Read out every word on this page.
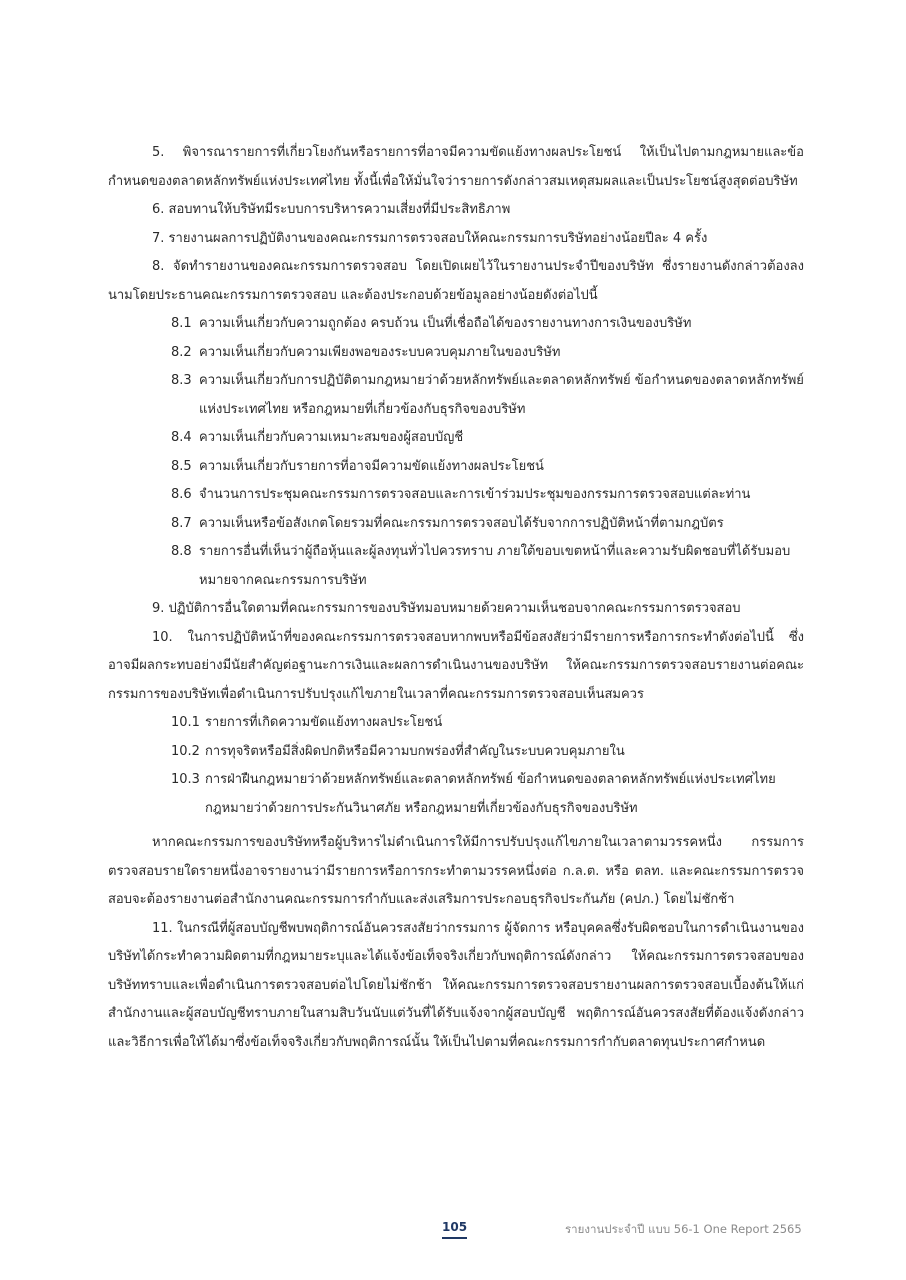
5. พิจารณารายการที่เกี่ยวโยงกันหรือรายการที่อาจมีความขัดแย้งทางผลประโยชน์ ให้เป็นไปตามกฎหมายและข้อกำหนดของตลาดหลักทรัพย์แห่งประเทศไทย ทั้งนี้เพื่อให้มั่นใจว่ารายการดังกล่าวสมเหตุสมผลและเป็นประโยชน์สูงสุดต่อบริษัท

6. สอบทานให้บริษัทมีระบบการบริหารความเสี่ยงที่มีประสิทธิภาพ

7. รายงานผลการปฏิบัติงานของคณะกรรมการตรวจสอบให้คณะกรรมการบริษัทอย่างน้อยปีละ 4 ครั้ง

8. จัดทำรายงานของคณะกรรมการตรวจสอบ โดยเปิดเผยไว้ในรายงานประจำปีของบริษัท ซึ่งรายงานดังกล่าวต้องลงนามโดยประธานคณะกรรมการตรวจสอบ และต้องประกอบด้วยข้อมูลอย่างน้อยดังต่อไปนี้

8.1 ความเห็นเกี่ยวกับความถูกต้อง ครบถ้วน เป็นที่เชื่อถือได้ของรายงานทางการเงินของบริษัท
8.2 ความเห็นเกี่ยวกับความเพียงพอของระบบควบคุมภายในของบริษัท
8.3 ความเห็นเกี่ยวกับการปฏิบัติตามกฎหมายว่าด้วยหลักทรัพย์และตลาดหลักทรัพย์ ข้อกำหนดของตลาดหลักทรัพย์แห่งประเทศไทย หรือกฎหมายที่เกี่ยวข้องกับธุรกิจของบริษัท
8.4 ความเห็นเกี่ยวกับความเหมาะสมของผู้สอบบัญชี
8.5 ความเห็นเกี่ยวกับรายการที่อาจมีความขัดแย้งทางผลประโยชน์
8.6 จำนวนการประชุมคณะกรรมการตรวจสอบและการเข้าร่วมประชุมของกรรมการตรวจสอบแต่ละท่าน
8.7 ความเห็นหรือข้อสังเกตโดยรวมที่คณะกรรมการตรวจสอบได้รับจากการปฏิบัติหน้าที่ตามกฎบัตร
8.8 รายการอื่นที่เห็นว่าผู้ถือหุ้นและผู้ลงทุนทั่วไปควรทราบ ภายใต้ขอบเขตหน้าที่และความรับผิดชอบที่ได้รับมอบหมายจากคณะกรรมการบริษัท

9. ปฏิบัติการอื่นใดตามที่คณะกรรมการของบริษัทมอบหมายด้วยความเห็นชอบจากคณะกรรมการตรวจสอบ

10. ในการปฏิบัติหน้าที่ของคณะกรรมการตรวจสอบหากพบหรือมีข้อสงสัยว่ามีรายการหรือการกระทำดังต่อไปนี้ ซึ่งอาจมีผลกระทบอย่างมีนัยสำคัญต่อฐานะการเงินและผลการดำเนินงานของบริษัท ให้คณะกรรมการตรวจสอบรายงานต่อคณะกรรมการของบริษัทเพื่อดำเนินการปรับปรุงแก้ไขภายในเวลาที่คณะกรรมการตรวจสอบเห็นสมควร

10.1 รายการที่เกิดความขัดแย้งทางผลประโยชน์
10.2 การทุจริตหรือมีสิ่งผิดปกติหรือมีความบกพร่องที่สำคัญในระบบควบคุมภายใน
10.3 การฝ่าฝืนกฎหมายว่าด้วยหลักทรัพย์และตลาดหลักทรัพย์ ข้อกำหนดของตลาดหลักทรัพย์แห่งประเทศไทย กฎหมายว่าด้วยการประกันวินาศภัย หรือกฎหมายที่เกี่ยวข้องกับธุรกิจของบริษัท

หากคณะกรรมการของบริษัทหรือผู้บริหารไม่ดำเนินการให้มีการปรับปรุงแก้ไขภายในเวลาตามวรรคหนึ่ง กรรมการตรวจสอบรายใดรายหนึ่งอาจรายงานว่ามีรายการหรือการกระทำตามวรรคหนึ่งต่อ ก.ล.ต. หรือ ตลท. และคณะกรรมการตรวจสอบจะต้องรายงานต่อสำนักงานคณะกรรมการกำกับและส่งเสริมการประกอบธุรกิจประกันภัย (คปภ.) โดยไม่ชักช้า

11. ในกรณีที่ผู้สอบบัญชีพบพฤติการณ์อันควรสงสัยว่ากรรมการ ผู้จัดการ หรือบุคคลซึ่งรับผิดชอบในการดำเนินงานของบริษัทได้กระทำความผิดตามที่กฎหมายระบุและได้แจ้งข้อเท็จจริงเกี่ยวกับพฤติการณ์ดังกล่าว ให้คณะกรรมการตรวจสอบของบริษัททราบและเพื่อดำเนินการตรวจสอบต่อไปโดยไม่ชักช้า ให้คณะกรรมการตรวจสอบรายงานผลการตรวจสอบเบื้องต้นให้แก่สำนักงานและผู้สอบบัญชีทราบภายในสามสิบวันนับแต่วันที่ได้รับแจ้งจากผู้สอบบัญชี พฤติการณ์อันควรสงสัยที่ต้องแจ้งดังกล่าว และวิธีการเพื่อให้ได้มาซึ่งข้อเท็จจริงเกี่ยวกับพฤติการณ์นั้น ให้เป็นไปตามที่คณะกรรมการกำกับตลาดทุนประกาศกำหนด

105	รายงานประจำปี แบบ 56-1 One Report 2565
